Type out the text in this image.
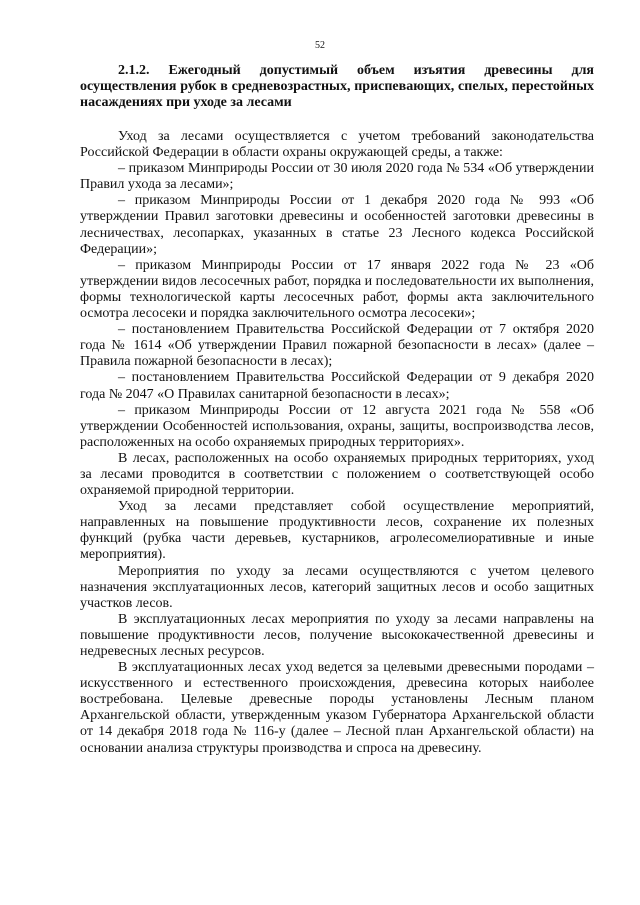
52
2.1.2. Ежегодный допустимый объем изъятия древесины для осуществления рубок в средневозрастных, приспевающих, спелых, перестойных насаждениях при уходе за лесами

Уход за лесами осуществляется с учетом требований законодательства Российской Федерации в области охраны окружающей среды, а также:

– приказом Минприроды России от 30 июля 2020 года № 534 «Об утверждении Правил ухода за лесами»;

– приказом Минприроды России от 1 декабря 2020 года № 993 «Об утверждении Правил заготовки древесины и особенностей заготовки древесины в лесничествах, лесопарках, указанных в статье 23 Лесного кодекса Российской Федерации»;

– приказом Минприроды России от 17 января 2022 года № 23 «Об утверждении видов лесосечных работ, порядка и последовательности их выполнения, формы технологической карты лесосечных работ, формы акта заключительного осмотра лесосеки и порядка заключительного осмотра лесосеки»;

– постановлением Правительства Российской Федерации от 7 октября 2020 года № 1614 «Об утверждении Правил пожарной безопасности в лесах» (далее – Правила пожарной безопасности в лесах);

– постановлением Правительства Российской Федерации от 9 декабря 2020 года № 2047 «О Правилах санитарной безопасности в лесах»;

– приказом Минприроды России от 12 августа 2021 года № 558 «Об утверждении Особенностей использования, охраны, защиты, воспроизводства лесов, расположенных на особо охраняемых природных территориях».

В лесах, расположенных на особо охраняемых природных территориях, уход за лесами проводится в соответствии с положением о соответствующей особо охраняемой природной территории.

Уход за лесами представляет собой осуществление мероприятий, направленных на повышение продуктивности лесов, сохранение их полезных функций (рубка части деревьев, кустарников, агролесомелиоративные и иные мероприятия).

Мероприятия по уходу за лесами осуществляются с учетом целевого назначения эксплуатационных лесов, категорий защитных лесов и особо защитных участков лесов.

В эксплуатационных лесах мероприятия по уходу за лесами направлены на повышение продуктивности лесов, получение высококачественной древесины и недревесных лесных ресурсов.

В эксплуатационных лесах уход ведется за целевыми древесными породами – искусственного и естественного происхождения, древесина которых наиболее востребована. Целевые древесные породы установлены Лесным планом Архангельской области, утвержденным указом Губернатора Архангельской области от 14 декабря 2018 года № 116-у (далее – Лесной план Архангельской области) на основании анализа структуры производства и спроса на древесину.
